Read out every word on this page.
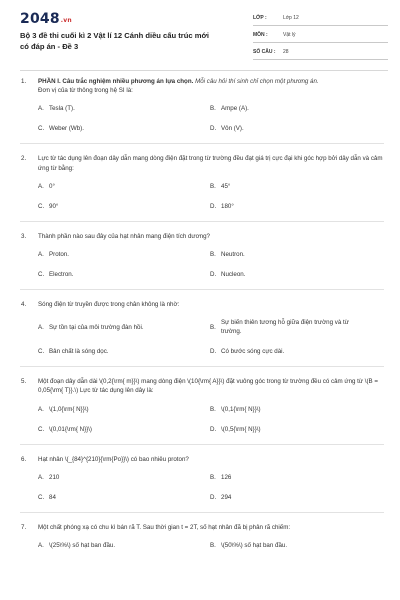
2048.vn
Bộ 3 đề thi cuối kì 2 Vật lí 12 Cánh diều cấu trúc mới có đáp án - Đề 3
LỚP :	Lớp 12
MÔN :	Vật lý
SỐ CÂU :	28
1. PHẦN I. Câu trắc nghiệm nhiều phương án lựa chọn. Mỗi câu hỏi thí sinh chỉ chọn một phương án.
Đơn vị của từ thông trong hệ SI là:
A. Tesla (T).	B. Ampe (A).
C. Weber (Wb).	D. Vôn (V).
2. Lực từ tác dụng lên đoạn dây dẫn mang dòng điện đặt trong từ trường đều đạt giá trị cực đại khi góc hợp bởi dây dẫn và cảm ứng từ bằng:
A. 0°	B. 45°
C. 90°	D. 180°
3. Thành phần nào sau đây của hạt nhân mang điện tích dương?
A. Proton.	B. Neutron.
C. Electron.	D. Nucleon.
4. Sóng điện từ truyền được trong chân không là nhờ:
A. Sự tồn tại của môi trường đàn hồi.	B.
Sự biến thiên tương hỗ giữa điện trường và từ trường.
C. Bản chất là sóng dọc.	D. Có bước sóng cực dài.
5. Một đoạn dây dẫn dài \(0,2{\rm{ m}}\) mang dòng điện \(10{\rm{ A}}\) đặt vuông góc trong từ trường đều có cảm ứng từ \(B = 0,05{\rm{ T}}.\) Lực từ tác dụng lên dây là:
A. \(1,0{\rm{ N}}\)	B. \(0,1{\rm{ N}}\)
C. \(0,01{\rm{ N}}\)	D. \(0,5{\rm{ N}}\)
6. Hạt nhân \(_{84}^{210}{\rm{Po}}\) có bao nhiêu proton?
A. 210	B. 126
C. 84	D. 294
7. Một chất phóng xạ có chu kì bán rã T. Sau thời gian t = 2T, số hạt nhân đã bị phân rã chiếm:
A. \(25\%\) số hạt ban đầu.	B. \(50\%\) số hạt ban đầu.
